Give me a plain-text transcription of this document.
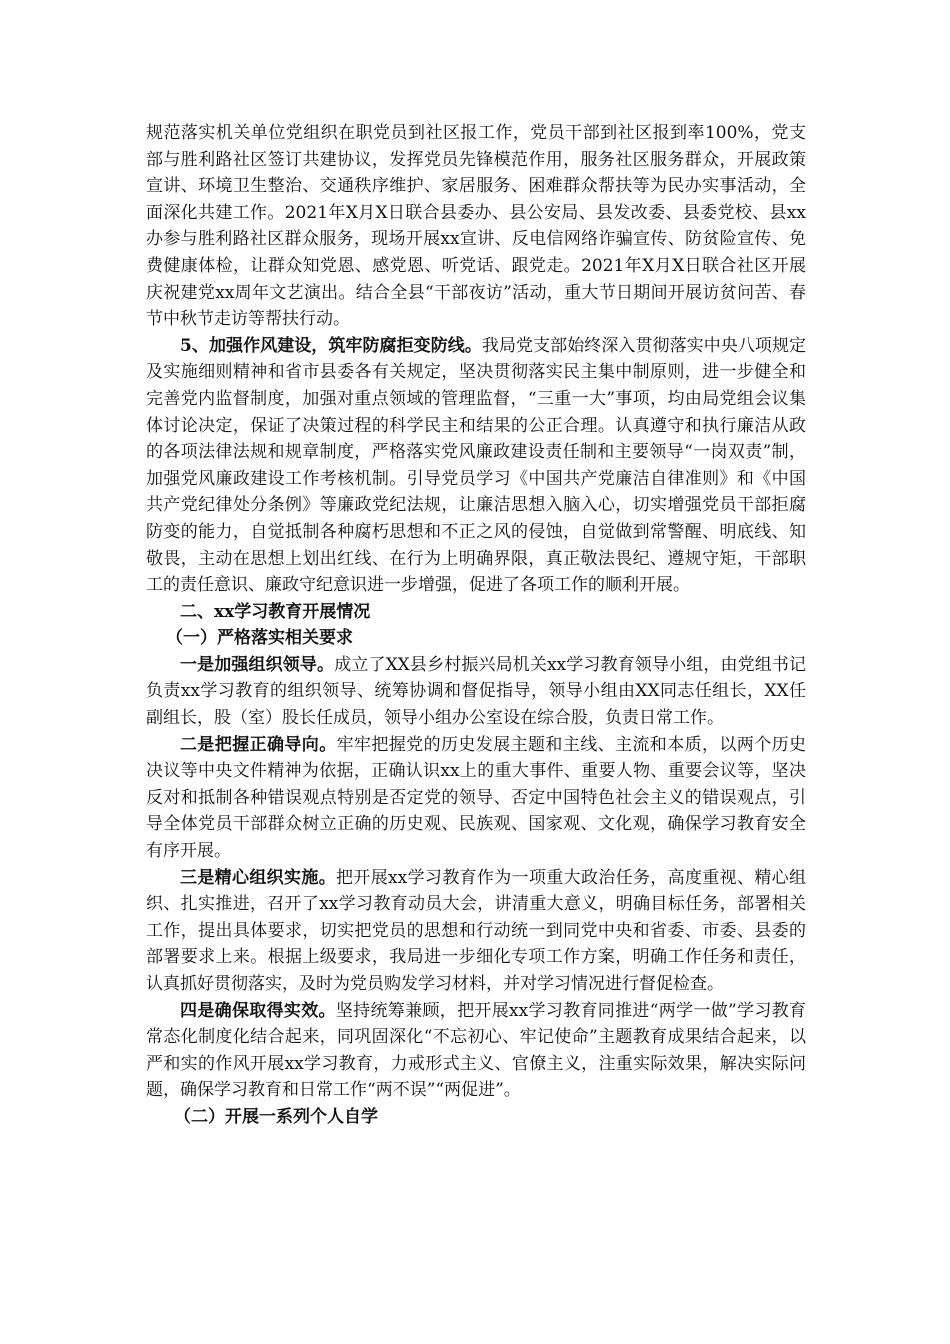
规范落实机关单位党组织在职党员到社区报工作，党员干部到社区报到率100%，党支部与胜利路社区签订共建协议，发挥党员先锋模范作用，服务社区服务群众，开展政策宣讲、环境卫生整治、交通秩序维护、家居服务、困难群众帮扶等为民办实事活动，全面深化共建工作。2021年X月X日联合县委办、县公安局、县发改委、县委党校、县xx办参与胜利路社区群众服务，现场开展xx宣讲、反电信网络诈骗宣传、防贫险宣传、免费健康体检，让群众知党恩、感党恩、听党话、跟党走。2021年X月X日联合社区开展庆祝建党xx周年文艺演出。结合全县“干部夜访”活动，重大节日期间开展访贫问苦、春节中秋节走访等帮扶行动。

5、加强作风建设，筑牢防腐拒变防线。我局党支部始终深入贯彻落实中央八项规定及实施细则精神和省市县委各有关规定，坚决贯彻落实民主集中制原则，进一步健全和完善党内监督制度，加强对重点领域的管理监督，“三重一大”事项，均由局党组会议集体讨论决定，保证了决策过程的科学民主和结果的公正合理。认真遵守和执行廉洁从政的各项法律法规和规章制度，严格落实党风廉政建设责任制和主要领导“一岗双责”制，加强党风廉政建设工作考核机制。引导党员学习《中国共产党廉洁自律准则》和《中国共产党纪律处分条例》等廉政党纪法规，让廉洁思想入脑入心，切实增强党员干部拒腐防变的能力，自觉抵制各种腐朽思想和不正之风的侵蚀，自觉做到常警醒、明底线、知敬畏，主动在思想上划出红线、在行为上明确界限，真正敬法畏纪、遵规守矩，干部职工的责任意识、廉政守纪意识进一步增强，促进了各项工作的顺利开展。

二、xx学习教育开展情况

（一）严格落实相关要求

一是加强组织领导。成立了XX县乡村振兴局机关xx学习教育领导小组，由党组书记负责xx学习教育的组织领导、统筹协调和督促指导，领导小组由XX同志任组长，XX任副组长，股（室）股长任成员，领导小组办公室设在综合股，负责日常工作。

二是把握正确导向。牢牢把握党的历史发展主题和主线、主流和本质，以两个历史决议等中央文件精神为依据，正确认识xx上的重大事件、重要人物、重要会议等，坚决反对和抵制各种错误观点特别是否定党的领导、否定中国特色社会主义的错误观点，引导全体党员干部群众树立正确的历史观、民族观、国家观、文化观，确保学习教育安全有序开展。

三是精心组织实施。把开展xx学习教育作为一项重大政治任务，高度重视、精心组织、扎实推进，召开了xx学习教育动员大会，讲清重大意义，明确目标任务，部署相关工作，提出具体要求，切实把党员的思想和行动统一到同党中央和省委、市委、县委的部署要求上来。根据上级要求，我局进一步细化专项工作方案，明确工作任务和责任，认真抓好贯彻落实，及时为党员购发学习材料，并对学习情况进行督促检查。

四是确保取得实效。坚持统筹兼顾，把开展xx学习教育同推进“两学一做”学习教育常态化制度化结合起来，同巩固深化“不忘初心、牢记使命”主题教育成果结合起来，以严和实的作风开展xx学习教育，力戒形式主义、官僚主义，注重实际效果，解决实际问题，确保学习教育和日常工作“两不误”“两促进”。

（二）开展一系列个人自学
